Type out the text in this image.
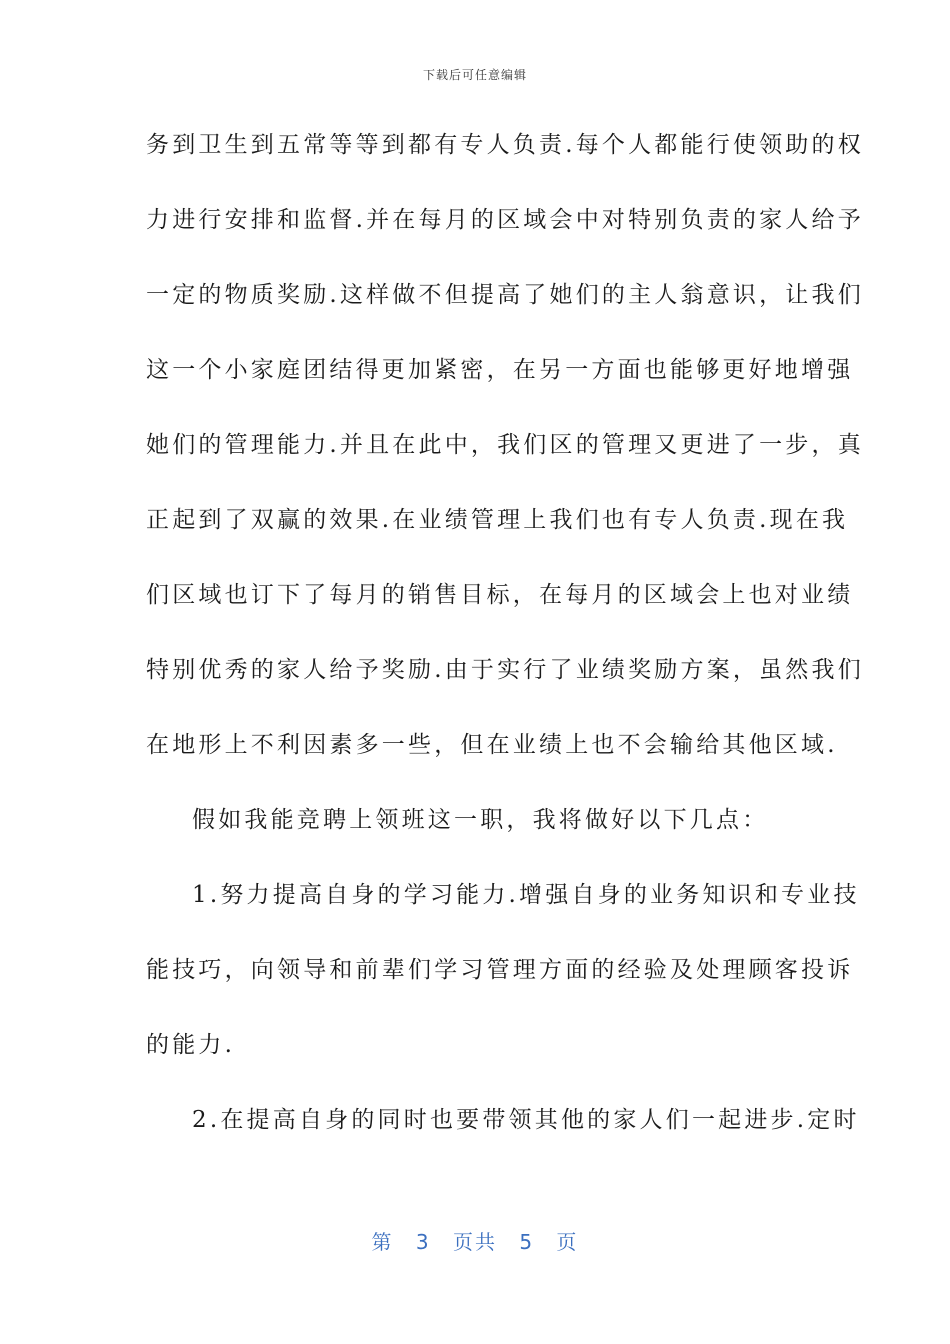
下载后可任意编辑
务到卫生到五常等等到都有专人负责.每个人都能行使领助的权
力进行安排和监督.并在每月的区域会中对特别负责的家人给予
一定的物质奖励.这样做不但提高了她们的主人翁意识，让我们
这一个小家庭团结得更加紧密，在另一方面也能够更好地增强
她们的管理能力.并且在此中，我们区的管理又更进了一步，真
正起到了双赢的效果.在业绩管理上我们也有专人负责.现在我
们区域也订下了每月的销售目标，在每月的区域会上也对业绩
特别优秀的家人给予奖励.由于实行了业绩奖励方案，虽然我们
在地形上不利因素多一些，但在业绩上也不会输给其他区域.
假如我能竞聘上领班这一职，我将做好以下几点：
1.努力提高自身的学习能力.增强自身的业务知识和专业技
能技巧，向领导和前辈们学习管理方面的经验及处理顾客投诉
的能力.
2.在提高自身的同时也要带领其他的家人们一起进步.定时
第 3 页共 5 页
